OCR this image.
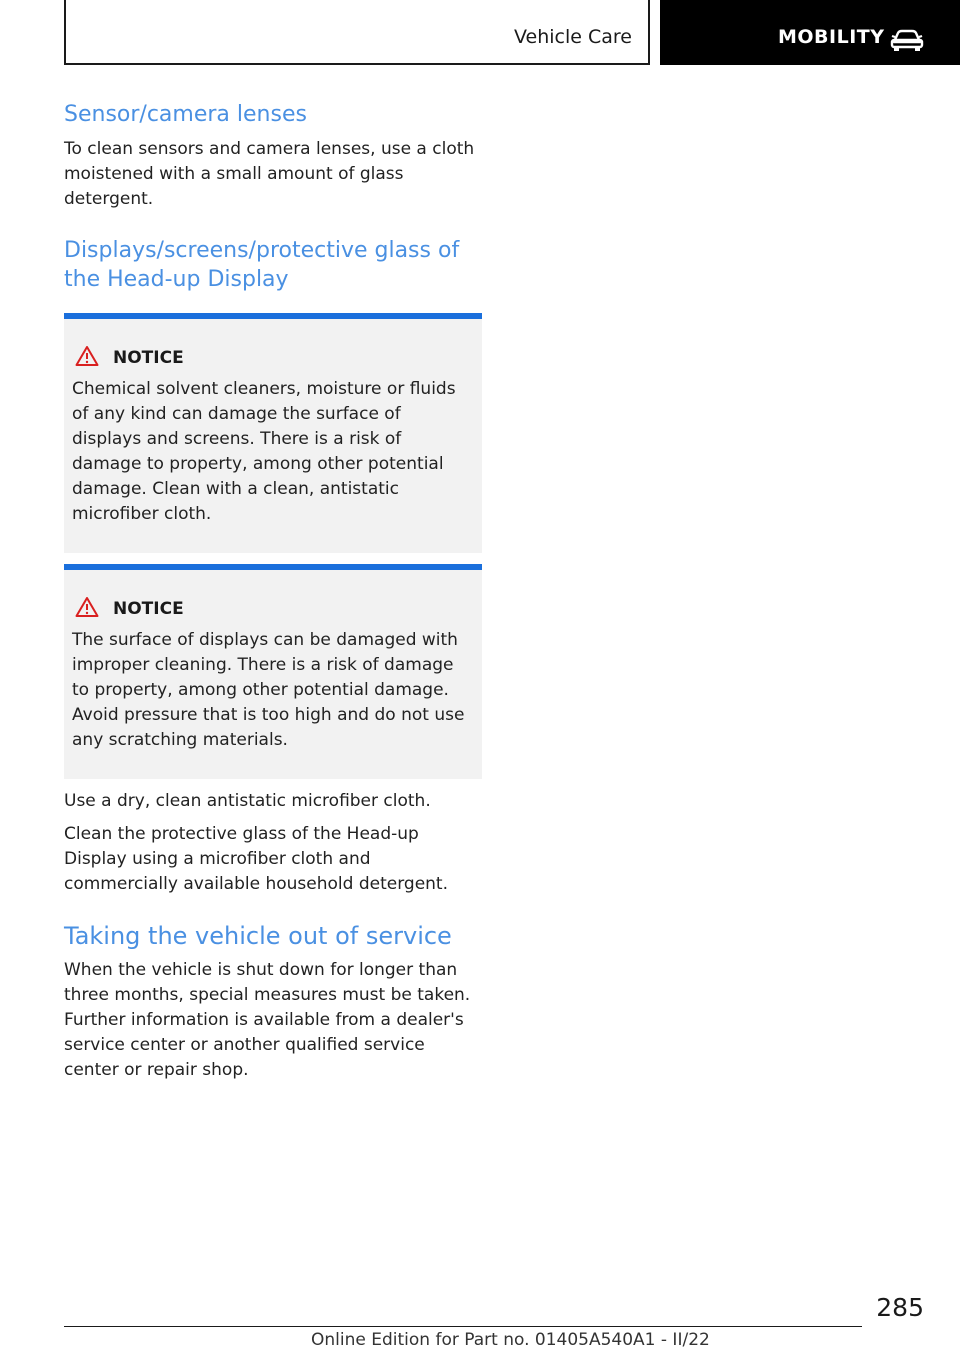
Vehicle Care	MOBILITY
Sensor/camera lenses

To clean sensors and camera lenses, use a cloth moistened with a small amount of glass detergent.

Displays/screens/protective glass of the Head-up Display
NOTICE

Chemical solvent cleaners, moisture or fluids of any kind can damage the surface of displays and screens. There is a risk of damage to property, among other potential damage. Clean with a clean, antistatic microfiber cloth.

NOTICE

The surface of displays can be damaged with improper cleaning. There is a risk of damage to property, among other potential damage. Avoid pressure that is too high and do not use any scratching materials.

Use a dry, clean antistatic microfiber cloth.

Clean the protective glass of the Head-up Display using a microfiber cloth and commercially available household detergent.

Taking the vehicle out of service

When the vehicle is shut down for longer than three months, special measures must be taken. Further information is available from a dealer's service center or another qualified service center or repair shop.

285
Online Edition for Part no. 01405A540A1 - II/22
